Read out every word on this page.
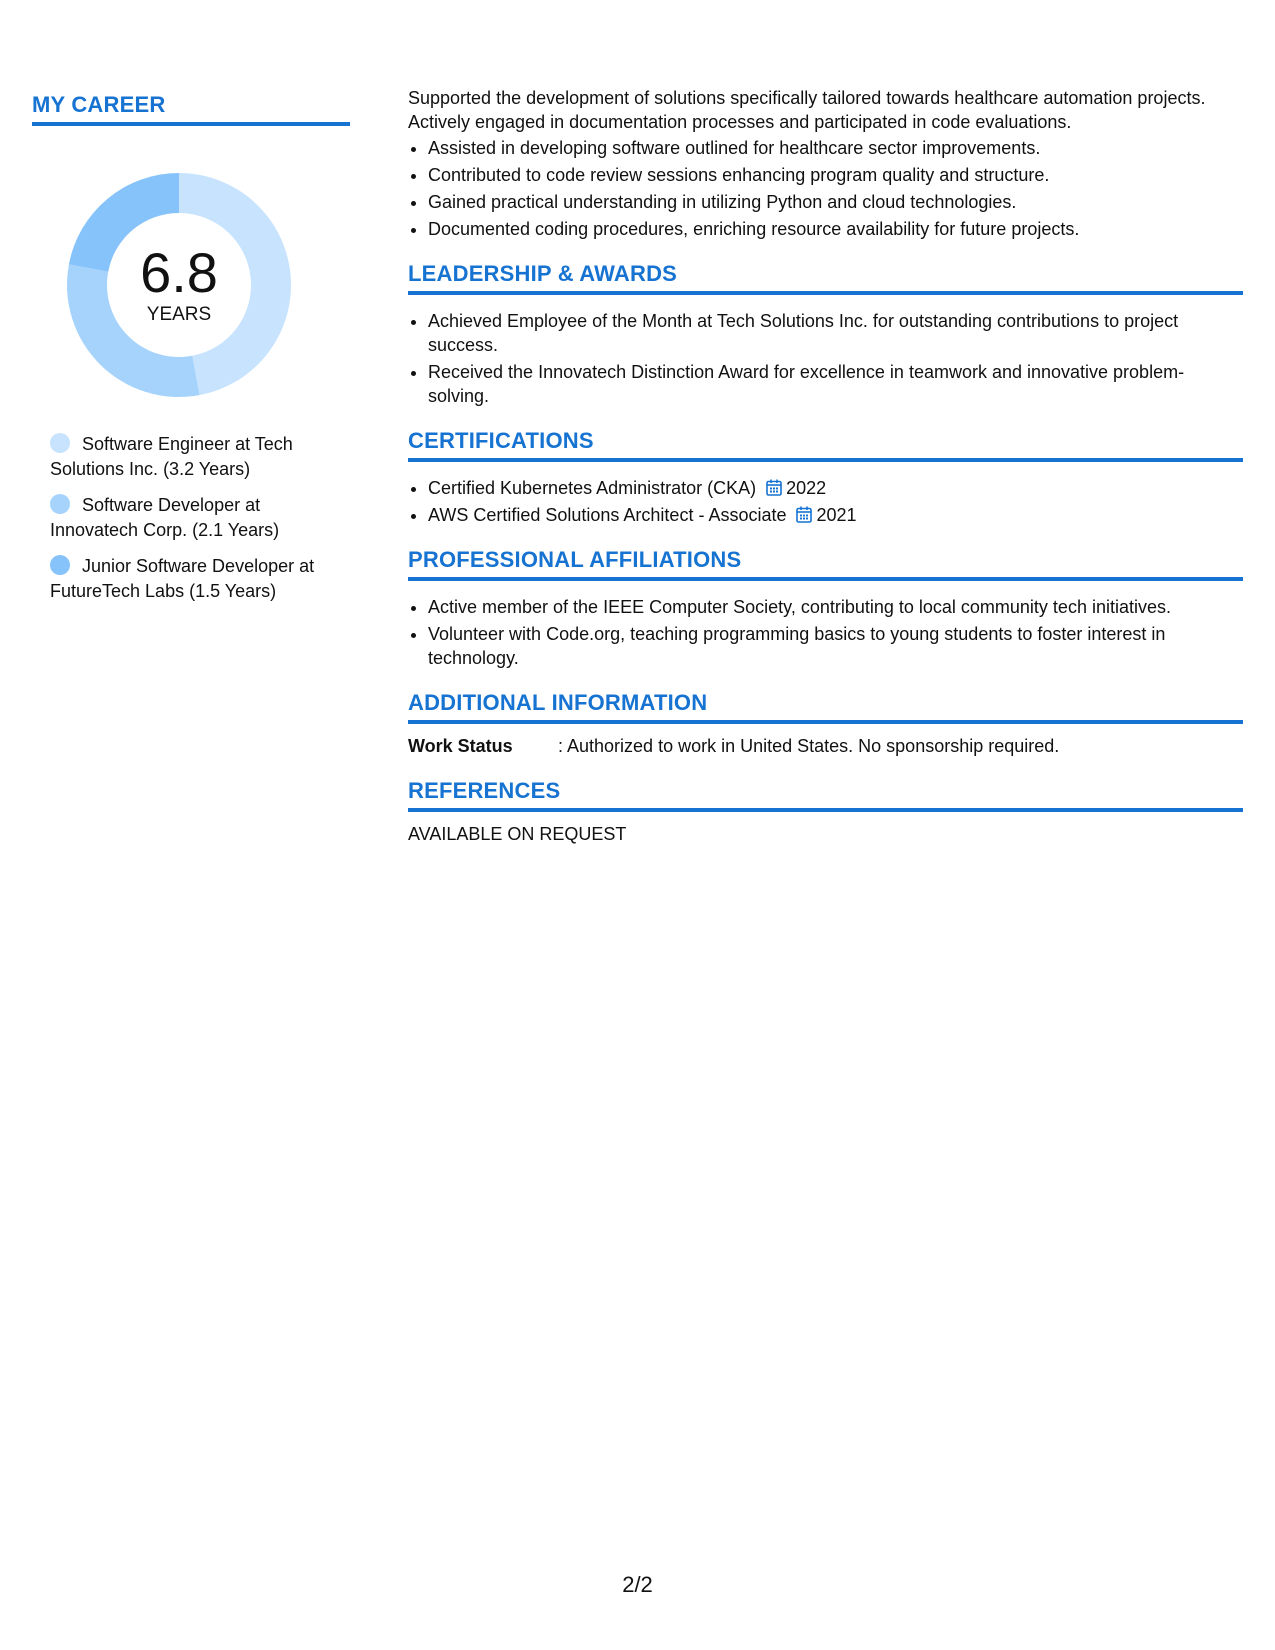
MY CAREER
6.8
YEARS
Software Engineer at Tech Solutions Inc. (3.2 Years)
Software Developer at Innovatech Corp. (2.1 Years)
Junior Software Developer at FutureTech Labs (1.5 Years)

Supported the development of solutions specifically tailored towards healthcare automation projects. Actively engaged in documentation processes and participated in code evaluations.

• Assisted in developing software outlined for healthcare sector improvements.
• Contributed to code review sessions enhancing program quality and structure.
• Gained practical understanding in utilizing Python and cloud technologies.
• Documented coding procedures, enriching resource availability for future projects.
LEADERSHIP & AWARDS
• Achieved Employee of the Month at Tech Solutions Inc. for outstanding contributions to project success.
• Received the Innovatech Distinction Award for excellence in teamwork and innovative problem-solving.
CERTIFICATIONS
• Certified Kubernetes Administrator (CKA) 2022
• AWS Certified Solutions Architect - Associate 2021
PROFESSIONAL AFFILIATIONS
• Active member of the IEEE Computer Society, contributing to local community tech initiatives.
• Volunteer with Code.org, teaching programming basics to young students to foster interest in technology.
ADDITIONAL INFORMATION
Work Status	: Authorized to work in United States. No sponsorship required.
REFERENCES
AVAILABLE ON REQUEST
2/2
